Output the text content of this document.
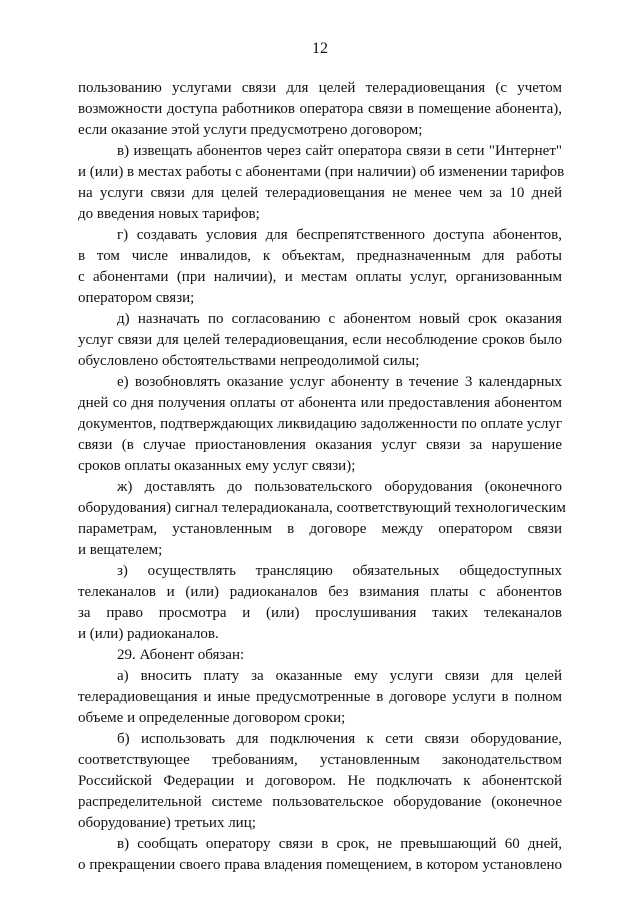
12
пользованию услугами связи для целей телерадиовещания (с учетом
возможности доступа работников оператора связи в помещение абонента),
если оказание этой услуги предусмотрено договором;
в) извещать абонентов через сайт оператора связи в сети "Интернет"
и (или) в местах работы с абонентами (при наличии) об изменении тарифов
на услуги связи для целей телерадиовещания не менее чем за 10 дней
до введения новых тарифов;
г) создавать условия для беспрепятственного доступа абонентов,
в том числе инвалидов, к объектам, предназначенным для работы
с абонентами (при наличии), и местам оплаты услуг, организованным
оператором связи;
д) назначать по согласованию с абонентом новый срок оказания
услуг связи для целей телерадиовещания, если несоблюдение сроков было
обусловлено обстоятельствами непреодолимой силы;
е) возобновлять оказание услуг абоненту в течение 3 календарных
дней со дня получения оплаты от абонента или предоставления абонентом
документов, подтверждающих ликвидацию задолженности по оплате услуг
связи (в случае приостановления оказания услуг связи за нарушение
сроков оплаты оказанных ему услуг связи);
ж) доставлять до пользовательского оборудования (оконечного
оборудования) сигнал телерадиоканала, соответствующий технологическим
параметрам, установленным в договоре между оператором связи
и вещателем;
з) осуществлять трансляцию обязательных общедоступных
телеканалов и (или) радиоканалов без взимания платы с абонентов
за право просмотра и (или) прослушивания таких телеканалов
и (или) радиоканалов.
29. Абонент обязан:
а) вносить плату за оказанные ему услуги связи для целей
телерадиовещания и иные предусмотренные в договоре услуги в полном
объеме и определенные договором сроки;
б) использовать для подключения к сети связи оборудование,
соответствующее требованиям, установленным законодательством
Российской Федерации и договором. Не подключать к абонентской
распределительной системе пользовательское оборудование (оконечное
оборудование) третьих лиц;
в) сообщать оператору связи в срок, не превышающий 60 дней,
о прекращении своего права владения помещением, в котором установлено
